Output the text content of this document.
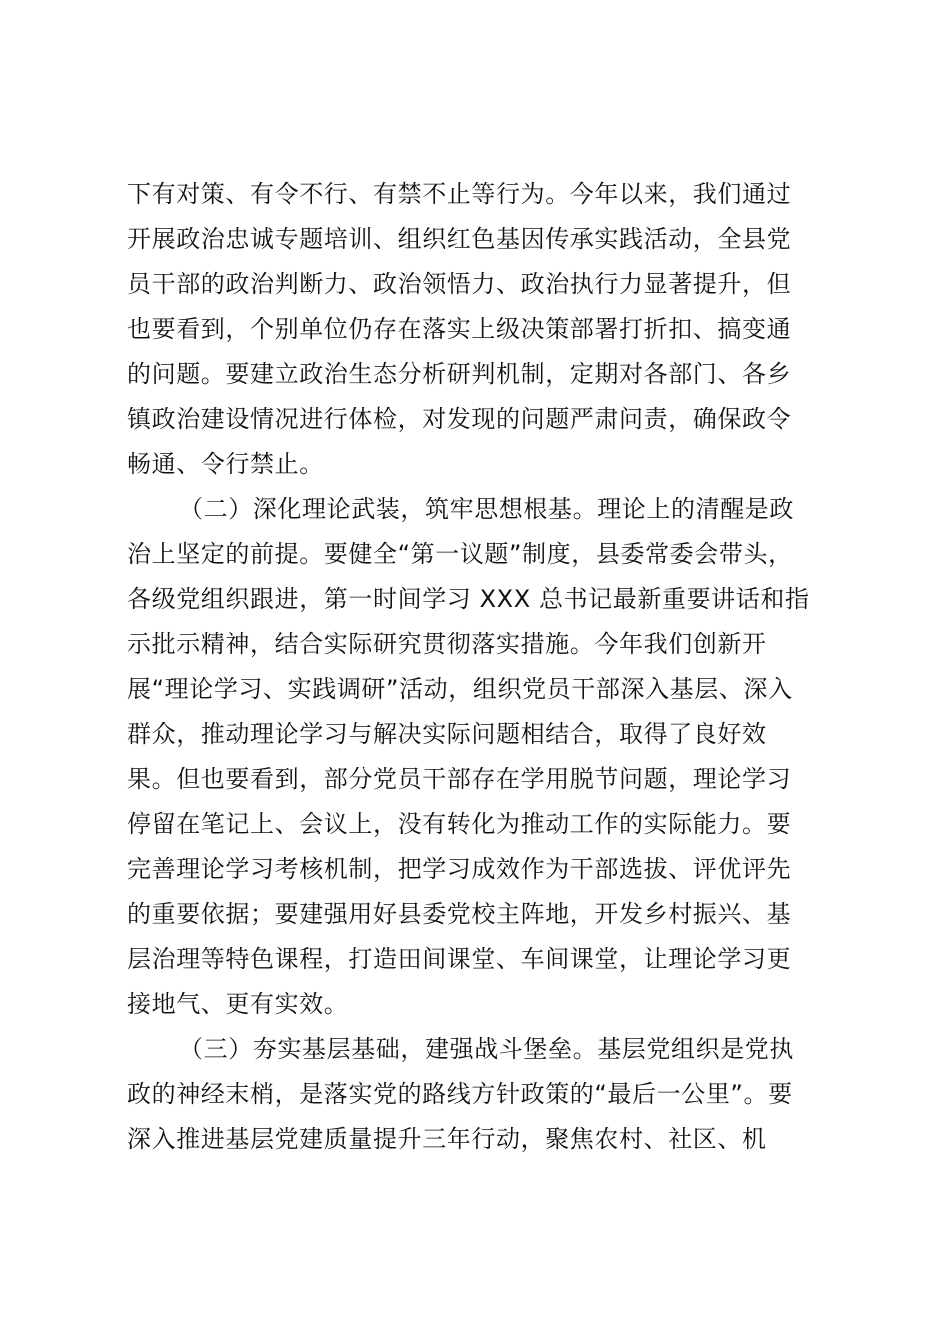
下有对策、有令不行、有禁不止等行为。今年以来，我们通过
开展政治忠诚专题培训、组织红色基因传承实践活动，全县党
员干部的政治判断力、政治领悟力、政治执行力显著提升，但
也要看到，个别单位仍存在落实上级决策部署打折扣、搞变通
的问题。要建立政治生态分析研判机制，定期对各部门、各乡
镇政治建设情况进行体检，对发现的问题严肃问责，确保政令
畅通、令行禁止。
（二）深化理论武装，筑牢思想根基。理论上的清醒是政
治上坚定的前提。要健全“第一议题”制度，县委常委会带头，
各级党组织跟进，第一时间学习 XXX 总书记最新重要讲话和指
示批示精神，结合实际研究贯彻落实措施。今年我们创新开
展“理论学习、实践调研”活动，组织党员干部深入基层、深入
群众，推动理论学习与解决实际问题相结合，取得了良好效
果。但也要看到，部分党员干部存在学用脱节问题，理论学习
停留在笔记上、会议上，没有转化为推动工作的实际能力。要
完善理论学习考核机制，把学习成效作为干部选拔、评优评先
的重要依据；要建强用好县委党校主阵地，开发乡村振兴、基
层治理等特色课程，打造田间课堂、车间课堂，让理论学习更
接地气、更有实效。
（三）夯实基层基础，建强战斗堡垒。基层党组织是党执
政的神经末梢，是落实党的路线方针政策的“最后一公里”。要
深入推进基层党建质量提升三年行动，聚焦农村、社区、机
